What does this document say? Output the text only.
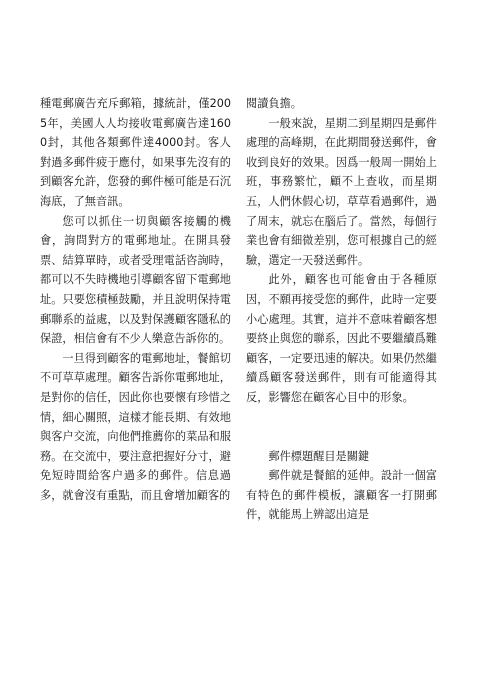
種電郵廣告充斥郵箱，據統計，僅2005年，美國人人均接收電郵廣告達1600封，其他各類郵件達4000封。客人對過多郵件疲于應付，如果事先沒有的到顧客允許，您發的郵件極可能是石沉海底，了無音訊。

您可以抓住一切與顧客接觸的機會，詢問對方的電郵地址。在開具發票、結算單時，或者受理電話咨詢時，都可以不失時機地引導顧客留下電郵地址。只要您積極鼓勵，并且說明保持電郵聯系的益處，以及對保護顧客隱私的保證，相信會有不少人樂意告訴你的。

一旦得到顧客的電郵地址，餐館切不可草草處理。顧客告訴你電郵地址，是對你的信任，因此你也要懷有珍惜之情，細心關照，這樣才能長期、有效地與客户交流，向他們推薦你的菜品和服務。在交流中，要注意把握好分寸，避免短時間給客户過多的郵件。信息過多，就會沒有重點，而且會增加顧客的

閱讀負擔。

一般來說，星期二到星期四是郵件處理的高峰期，在此期間發送郵件，會收到良好的效果。因爲一般周一開始上班，事務繁忙，顧不上查收，而星期五，人們休假心切，草草看過郵件，過了周末，就忘在腦后了。當然，每個行業也會有細微差别，您可根據自己的經驗，選定一天發送郵件。

此外，顧客也可能會由于各種原因，不願再接受您的郵件，此時一定要小心處理。其實，這并不意味着顧客想要終止與您的聯系，因此不要繼續爲難顧客，一定要迅速的解决。如果仍然繼續爲顧客發送郵件，則有可能適得其反，影響您在顧客心目中的形象。

郵件標題醒目是關鍵

郵件就是餐館的延伸。設計一個富有特色的郵件模板，讓顧客一打開郵件，就能馬上辨認出這是
